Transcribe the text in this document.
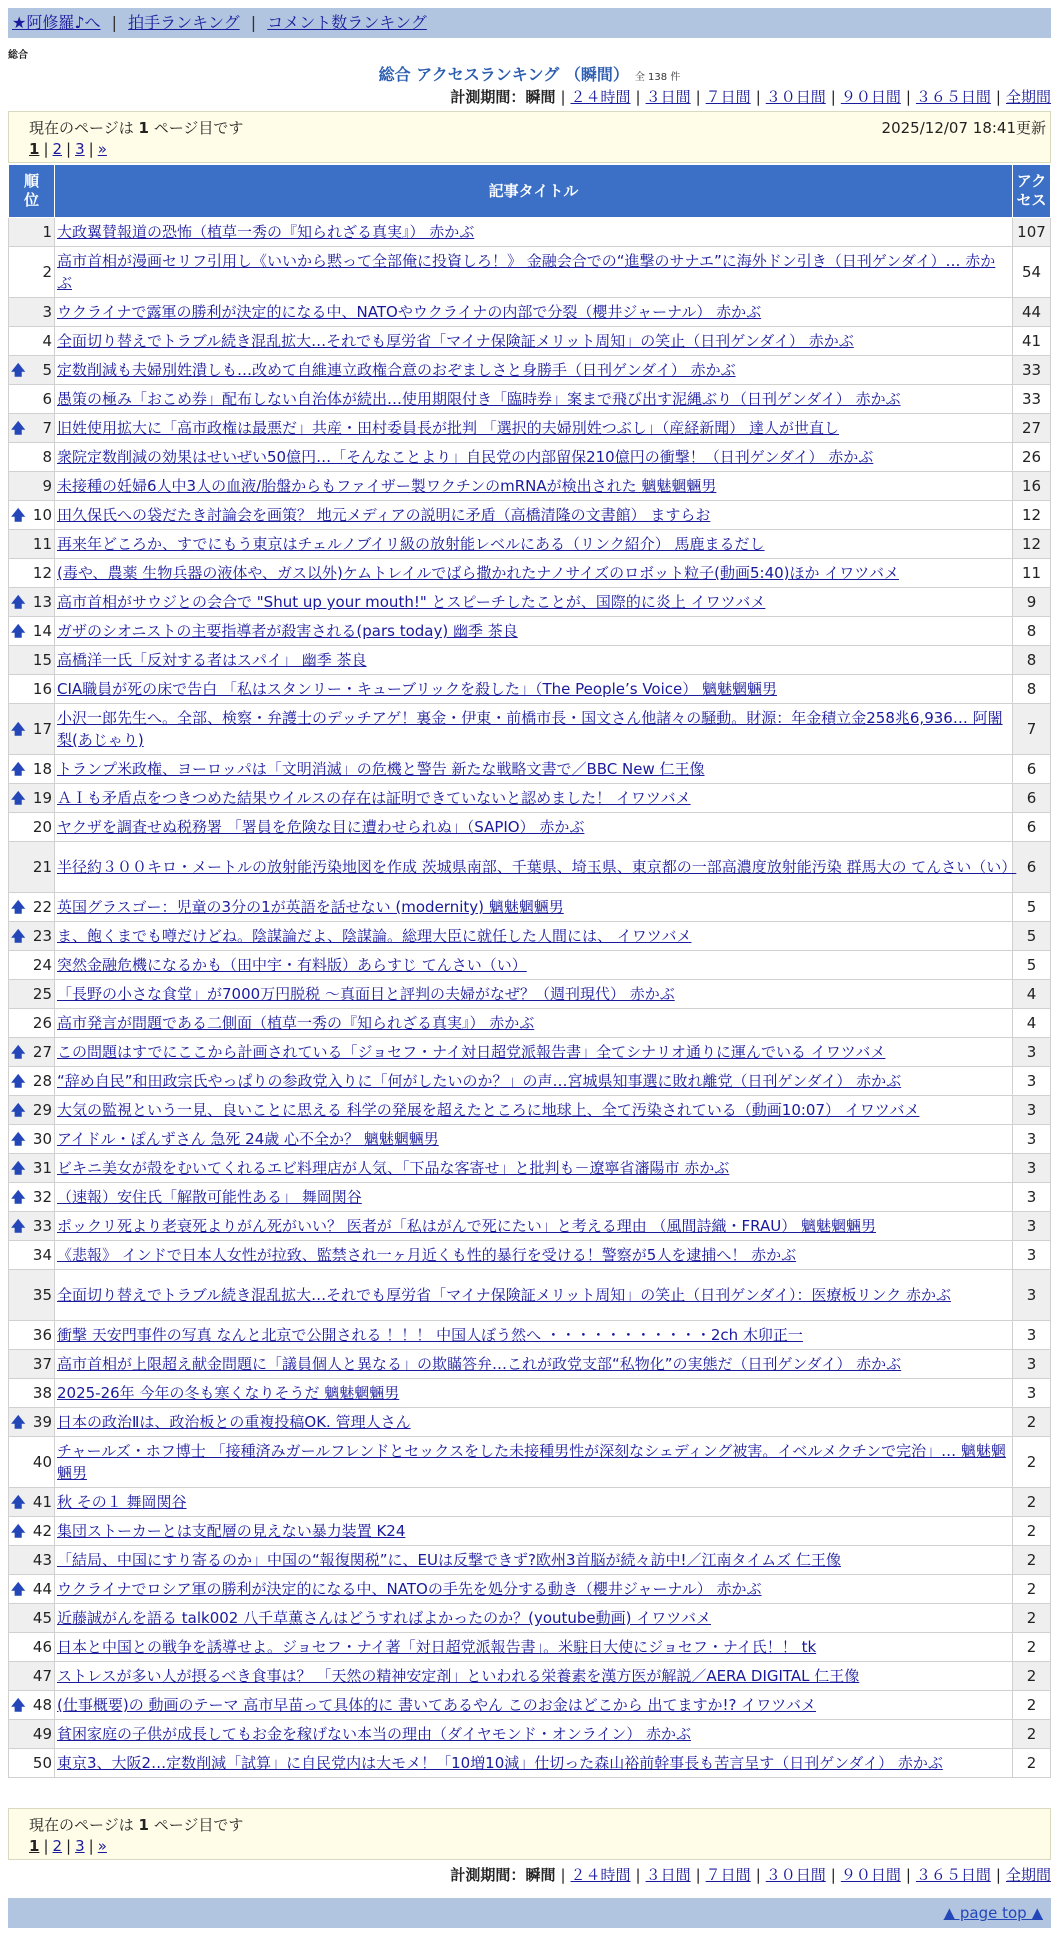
★阿修羅♪へ | 拍手ランキング | コメント数ランキング
総合
総合 アクセスランキング （瞬間） 全 138 件
計測期間：瞬間 | ２４時間 | ３日間 | ７日間 | ３０日間 | ９０日間 | ３６５日間 | 全期間
現在のページは 1 ページ目です	2025/12/07 18:41更新
1 | 2 | 3 | »
順
位	記事タイトル	アク
セス
1	大政翼賛報道の恐怖（植草一秀の『知られざる真実』） 赤かぶ	107
2	高市首相が漫画セリフ引用し《いいから黙って全部俺に投資しろ！》 金融会合での“進撃のサナエ”に海外ドン引き（日刊ゲンダイ）… 赤かぶ	54
3	ウクライナで露軍の勝利が決定的になる中、NATOやウクライナの内部で分裂（櫻井ジャーナル） 赤かぶ	44
4	全面切り替えでトラブル続き混乱拡大…それでも厚労省「マイナ保険証メリット周知」の笑止（日刊ゲンダイ） 赤かぶ	41

🡅 5	定数削減も夫婦別姓潰しも…改めて自維連立政権合意のおぞましさと身勝手（日刊ゲンダイ） 赤かぶ	33
6	愚策の極み「おこめ券」配布しない自治体が続出…使用期限付き「臨時券」案まで飛び出す泥縄ぶり（日刊ゲンダイ） 赤かぶ	33

🡅 7	旧姓使用拡大に「高市政権は最悪だ」共産・田村委員長が批判 「選択的夫婦別姓つぶし」（産経新聞） 達人が世直し	27
8	衆院定数削減の効果はせいぜい50億円…「そんなことより」自民党の内部留保210億円の衝撃！（日刊ゲンダイ） 赤かぶ	26
9	未接種の妊婦6人中3人の血液/胎盤からもファイザー製ワクチンのmRNAが検出された 魑魅魍魎男	16

🡅 10	田久保氏への袋だたき討論会を画策？ 地元メディアの説明に矛盾（高橋清隆の文書館） ますらお	12
11	再来年どころか、すでにもう東京はチェルノブイリ級の放射能レベルにある（リンク紹介） 馬鹿まるだし	12
12	(毒や、農薬 生物兵器の液体や、ガス以外)ケムトレイルでばら撒かれたナノサイズのロボット粒子(動画5:40)ほか イワツバメ	11

🡅 13	高市首相がサウジとの会合で "Shut up your mouth!" とスピーチしたことが、国際的に炎上 イワツバメ	9

🡅 14	ガザのシオニストの主要指導者が殺害される(pars today) 幽季 茶良	8
15	高橋洋一氏「反対する者はスパイ」 幽季 茶良	8
16	CIA職員が死の床で告白 「私はスタンリー・キューブリックを殺した」（The People’s Voice） 魑魅魍魎男	8

🡅 17	小沢一郎先生へ。全部、検察・弁護士のデッチアゲ！裏金・伊東・前橋市長・国文さん他諸々の騒動。財源：年金積立金258兆6,936… 阿闍梨(あじゃり)	7

🡅 18	トランプ米政権、ヨーロッパは「文明消滅」の危機と警告 新たな戦略文書で／BBC New 仁王像	6

🡅 19	ＡＩも矛盾点をつきつめた結果ウイルスの存在は証明できていないと認めました！ イワツバメ	6
20	ヤクザを調査せぬ税務署 「署員を危険な目に遭わせられぬ」（SAPIO） 赤かぶ	6
21	半径約３００キロ・メートルの放射能汚染地図を作成 茨城県南部、千葉県、埼玉県、東京都の一部高濃度放射能汚染 群馬大の てんさい（い）	6

🡅 22	英国グラスゴー：児童の3分の1が英語を話せない (modernity) 魑魅魍魎男	5

🡅 23	ま、飽くまでも噂だけどね。陰謀論だよ、陰謀論。総理大臣に就任した人間には、 イワツバメ	5
24	突然金融危機になるかも（田中宇・有料版）あらすじ てんさい（い）	5
25	「長野の小さな食堂」が7000万円脱税 ～真面目と評判の夫婦がなぜ？（週刊現代） 赤かぶ	4
26	高市発言が問題である二側面（植草一秀の『知られざる真実』） 赤かぶ	4

🡅 27	この問題はすでにここから計画されている「ジョセフ・ナイ対日超党派報告書」全てシナリオ通りに運んでいる イワツバメ	3

🡅 28	“辞め自民”和田政宗氏やっぱりの参政党入りに「何がしたいのか？」の声…宮城県知事選に敗れ離党（日刊ゲンダイ） 赤かぶ	3

🡅 29	大気の監視という一見、良いことに思える 科学の発展を超えたところに地球上、全て汚染されている（動画10:07） イワツバメ	3

🡅 30	アイドル・ぽんずさん 急死 24歳 心不全か？ 魑魅魍魎男	3

🡅 31	ビキニ美女が殻をむいてくれるエビ料理店が人気、「下品な客寄せ」と批判も－遼寧省瀋陽市 赤かぶ	3

🡅 32	（速報）安住氏「解散可能性ある」 舞岡関谷	3

🡅 33	ポックリ死より老衰死よりがん死がいい？ 医者が「私はがんで死にたい」と考える理由 （風間詩織・FRAU） 魑魅魍魎男	3
34	《悲報》 インドで日本人女性が拉致、監禁され一ヶ月近くも性的暴行を受ける！警察が5人を逮捕へ！ 赤かぶ	3
35	全面切り替えでトラブル続き混乱拡大…それでも厚労省「マイナ保険証メリット周知」の笑止（日刊ゲンダイ）：医療板リンク 赤かぶ	3
36	衝撃 天安門事件の写真 なんと北京で公開される ！！！ 中国人ぼう然へ ・・・・・・・・・・・2ch 木卯正一	3
37	高市首相が上限超え献金問題に「議員個人と異なる」の欺瞞答弁…これが政党支部“私物化”の実態だ（日刊ゲンダイ） 赤かぶ	3
38	2025-26年 今年の冬も寒くなりそうだ 魑魅魍魎男	3

🡅 39	日本の政治Ⅱは、政治板との重複投稿OK. 管理人さん	2
40	チャールズ・ホフ博士 「接種済みガールフレンドとセックスをした未接種男性が深刻なシェディング被害。イベルメクチンで完治」… 魑魅魍魎男	2

🡅 41	秋 その１ 舞岡関谷	2

🡅 42	集団ストーカーとは支配層の見えない暴力装置 K24	2
43	「結局、中国にすり寄るのか」中国の“報復関税”に、EUは反撃できず?欧州3首脳が続々訪中!／江南タイムズ 仁王像	2

🡅 44	ウクライナでロシア軍の勝利が決定的になる中、NATOの手先を処分する動き（櫻井ジャーナル） 赤かぶ	2
45	近藤誠がんを語る talk002 八千草薫さんはどうすればよかったのか？(youtube動画) イワツバメ	2
46	日本と中国との戦争を誘導せよ。ジョセフ・ナイ著「対日超党派報告書」。米駐日大使にジョセフ・ナイ氏！！ tk	2
47	ストレスが多い人が摂るべき食事は？ 「天然の精神安定剤」といわれる栄養素を漢方医が解説／AERA DIGITAL 仁王像	2

🡅 48	(仕事概要)の 動画のテーマ 高市早苗って具体的に 書いてあるやん このお金はどこから 出てますか!? イワツバメ	2
49	貧困家庭の子供が成長してもお金を稼げない本当の理由（ダイヤモンド・オンライン） 赤かぶ	2
50	東京3、大阪2…定数削減「試算」に自民党内は大モメ！「10増10減」仕切った森山裕前幹事長も苦言呈す（日刊ゲンダイ） 赤かぶ	2
現在のページは 1 ページ目です
1 | 2 | 3 | »
計測期間：瞬間 | ２４時間 | ３日間 | ７日間 | ３０日間 | ９０日間 | ３６５日間 | 全期間
▲ page top ▲
